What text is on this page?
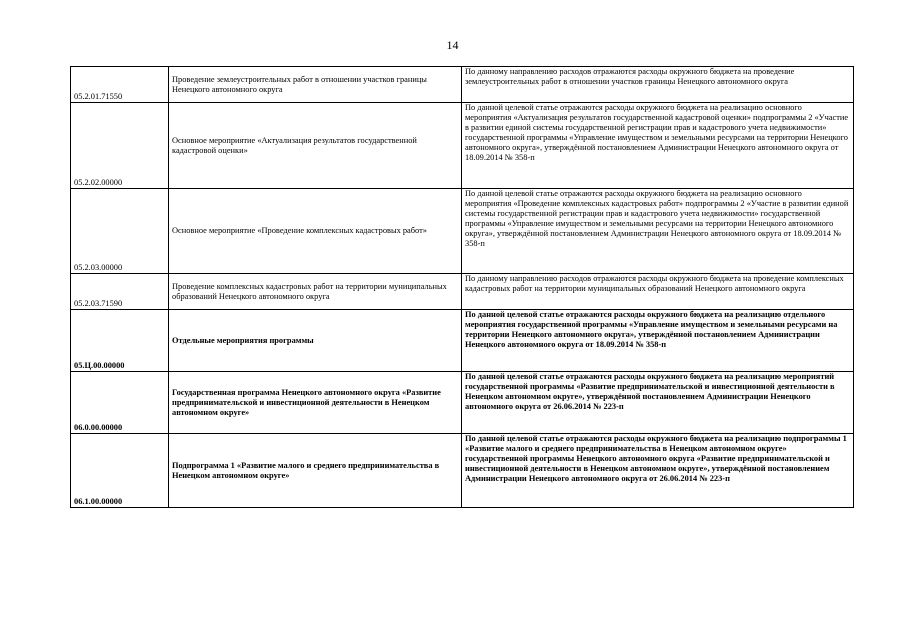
14
05.2.01.71550	Проведение землеустроительных работ в отношении участков границы Ненецкого автономного округа	По данному направлению расходов отражаются расходы окружного бюджета на проведение землеустроительных работ в отношении участков границы Ненецкого автономного округа
05.2.02.00000	Основное мероприятие «Актуализация результатов государственной кадастровой оценки»	По данной целевой статье отражаются расходы окружного бюджета на реализацию основного мероприятия «Актуализация результатов государственной кадастровой оценки» подпрограммы 2 «Участие в развитии единой системы государственной регистрации прав и кадастрового учета недвижимости» государственной программы «Управление имуществом и земельными ресурсами на территории Ненецкого автономного округа», утверждённой постановлением Администрации Ненецкого автономного округа от 18.09.2014 № 358-п
05.2.03.00000	Основное мероприятие «Проведение комплексных кадастровых работ»	По данной целевой статье отражаются расходы окружного бюджета на реализацию основного мероприятия «Проведение комплексных кадастровых работ» подпрограммы 2 «Участие в развитии единой системы государственной регистрации прав и кадастрового учета недвижимости» государственной программы «Управление имуществом и земельными ресурсами на территории Ненецкого автономного округа», утверждённой постановлением Администрации Ненецкого автономного округа от 18.09.2014 № 358-п
05.2.03.71590	Проведение комплексных кадастровых работ на территории муниципальных образований Ненецкого автономного округа	По данному направлению расходов отражаются расходы окружного бюджета на проведение комплексных кадастровых работ на территории муниципальных образований Ненецкого автономного округа
05.Ц.00.00000	Отдельные мероприятия программы	По данной целевой статье отражаются расходы окружного бюджета на реализацию отдельного мероприятия государственной программы «Управление имуществом и земельными ресурсами на территории Ненецкого автономного округа», утверждённой постановлением Администрации Ненецкого автономного округа от 18.09.2014 № 358-п
06.0.00.00000	Государственная программа Ненецкого автономного округа «Развитие предпринимательской и инвестиционной деятельности в Ненецком автономном округе»	По данной целевой статье отражаются расходы окружного бюджета на реализацию мероприятий государственной программы «Развитие предпринимательской и инвестиционной деятельности в Ненецком автономном округе», утверждённой постановлением Администрации Ненецкого автономного округа от 26.06.2014 № 223-п
06.1.00.00000	Подпрограмма 1 «Развитие малого и среднего предпринимательства в Ненецком автономном округе»	По данной целевой статье отражаются расходы окружного бюджета на реализацию подпрограммы 1 «Развитие малого и среднего предпринимательства в Ненецком автономном округе» государственной программы Ненецкого автономного округа «Развитие предпринимательской и инвестиционной деятельности в Ненецком автономном округе», утверждённой постановлением Администрации Ненецкого автономного округа от 26.06.2014 № 223-п
